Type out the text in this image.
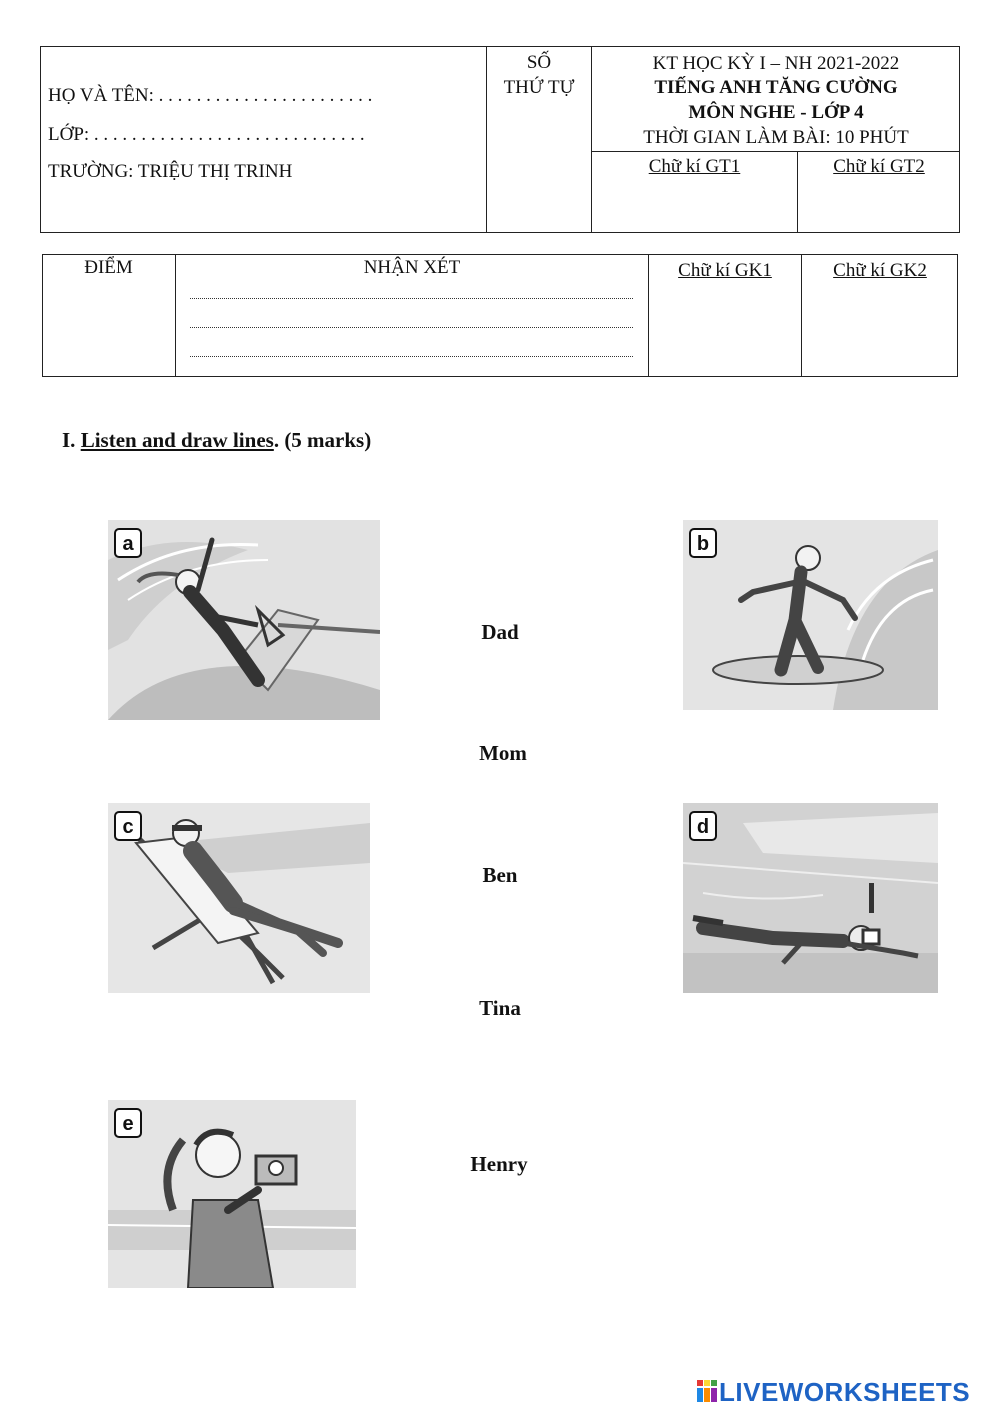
HỌ VÀ TÊN: . . . . . . . . . . . . . . . . . . . . . . .
LỚP: . . . . . . . . . . . . . . . . . . . . . . . . . . . . .
TRƯỜNG: TRIỆU THỊ TRINH
SỐ
THỨ TỰ
KT HỌC KỲ I – NH 2021-2022
TIẾNG ANH TĂNG CƯỜNG
MÔN NGHE - LỚP 4
THỜI GIAN LÀM BÀI: 10 PHÚT
Chữ kí GT1	Chữ kí GT2
ĐIỂM	NHẬN XÉT	Chữ kí GK1	Chữ kí GK2
I. Listen and draw lines. (5 marks)
a	b
c	d
e
Dad
Mom
Ben
Tina
Henry
LIVEWORKSHEETS
